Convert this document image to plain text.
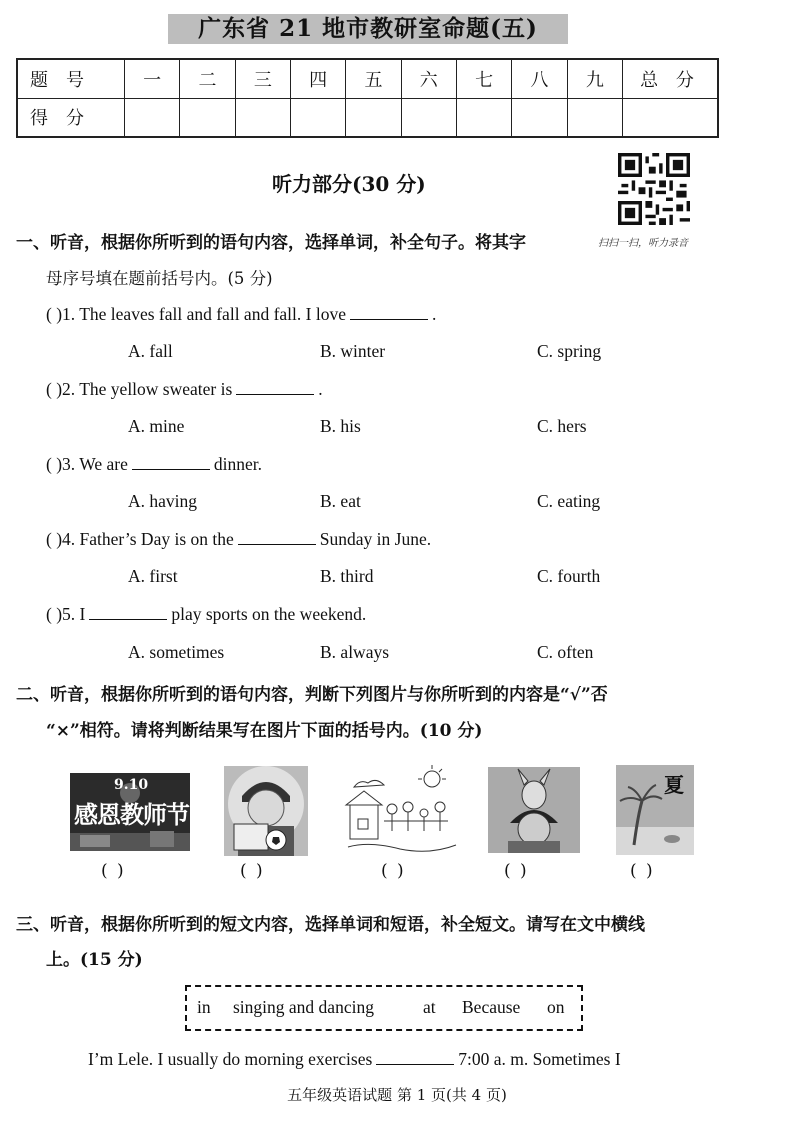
广东省 21 地市教研室命题(五)
题号	一	二	三	四	五	六	七	八	九	总 分
得分										
听力部分(30 分)
扫扫一扫，听力录音
一、听音，根据你所听到的语句内容，选择单词，补全句子。将其字
母序号填在题前括号内。(5 分)
( )1. The leaves fall and fall and fall. I love	.
A. fall	B. winter	C. spring
( )2. The yellow sweater is	.
A. mine	B. his	C. hers
( )3. We are	dinner.
A. having	B. eat	C. eating
( )4. Father’s Day is on the	Sunday in June.
A. first	B. third	C. fourth
( )5. I	play sports on the weekend.
A. sometimes	B. always	C. often
二、听音，根据你所听到的语句内容，判断下列图片与你所听到的内容是“√”否
“×”相符。请将判断结果写在图片下面的括号内。(10 分)
9.10
感恩教师节
夏
( )	( )	( )	( )	( )
三、听音，根据你所听到的短文内容，选择单词和短语，补全短文。请写在文中横线
上。(15 分)
in singing and dancing	at Because on
I’m Lele. I usually do morning exercises	7:00 a. m. Sometimes I
五年级英语试题 第 1 页(共 4 页)
